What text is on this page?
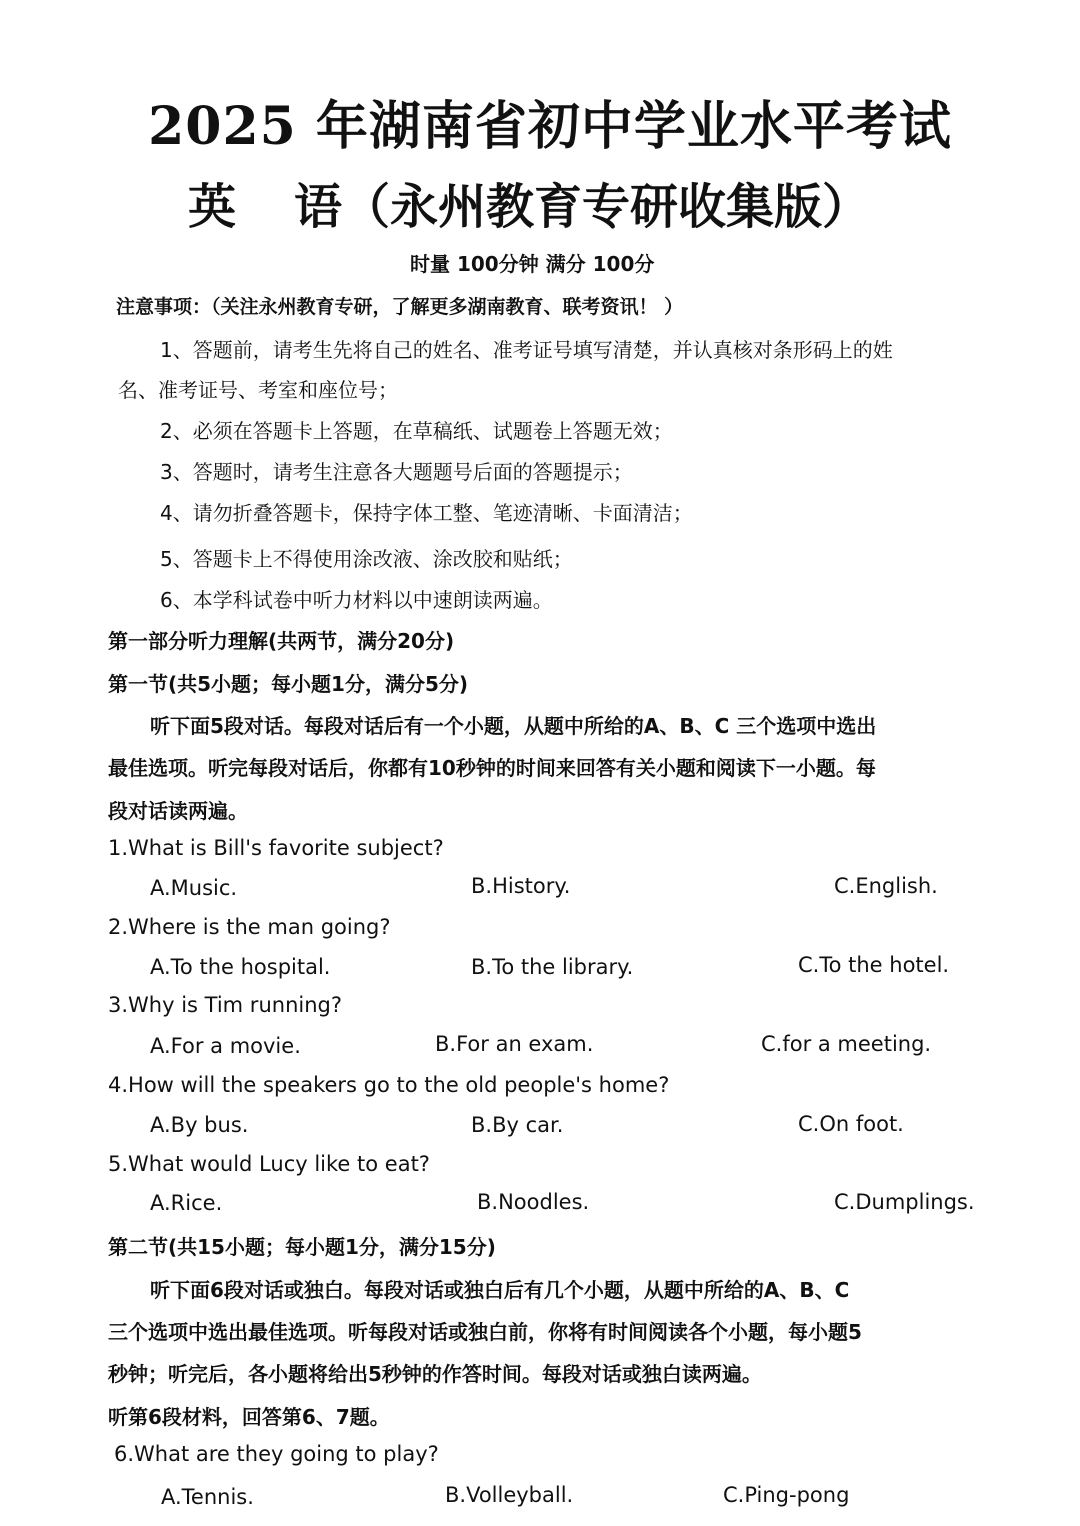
2025 年湖南省初中学业水平考试
英 语（永州教育专研收集版）
时量 100分钟 满分 100分
注意事项：（关注永州教育专研，了解更多湖南教育、联考资讯！ ）
1、答题前，请考生先将自己的姓名、准考证号填写清楚，并认真核对条形码上的姓
名、准考证号、考室和座位号；
2、必须在答题卡上答题，在草稿纸、试题卷上答题无效；
3、答题时，请考生注意各大题题号后面的答题提示；
4、请勿折叠答题卡，保持字体工整、笔迹清晰、卡面清洁；
5、答题卡上不得使用涂改液、涂改胶和贴纸；
6、本学科试卷中听力材料以中速朗读两遍。
第一部分听力理解(共两节，满分20分)
第一节(共5小题；每小题1分，满分5分)
听下面5段对话。每段对话后有一个小题，从题中所给的A、B、C 三个选项中选出
最佳选项。听完每段对话后，你都有10秒钟的时间来回答有关小题和阅读下一小题。每
段对话读两遍。
1.What is Bill's favorite subject?
A.Music.	B.History.	C.English.
2.Where is the man going?
A.To the hospital.	B.To the library.	C.To the hotel.
3.Why is Tim running?
A.For a movie.	B.For an exam.	C.for a meeting.
4.How will the speakers go to the old people's home?
A.By bus.	B.By car.	C.On foot.
5.What would Lucy like to eat?
A.Rice.	B.Noodles.	C.Dumplings.
第二节(共15小题；每小题1分，满分15分)
听下面6段对话或独白。每段对话或独白后有几个小题，从题中所给的A、B、C
三个选项中选出最佳选项。听每段对话或独白前，你将有时间阅读各个小题，每小题5
秒钟；听完后，各小题将给出5秒钟的作答时间。每段对话或独白读两遍。
听第6段材料，回答第6、7题。
6.What are they going to play?
A.Tennis.	B.Volleyball.	C.Ping-pong
